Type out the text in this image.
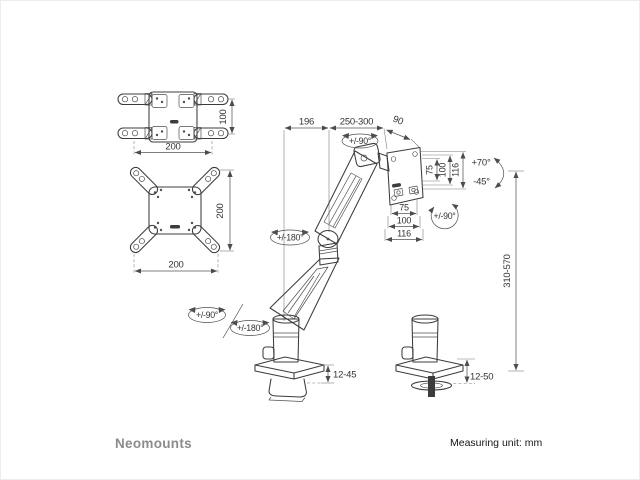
100
200
200
200
196	250-300 90
12-45	12-50
75 100 116
75
100
116
+/-90°
+/-180°
+/-90°
+/-180°
+/-90°
+70°
-45°
310-570
Neomounts	Measuring unit: mm
